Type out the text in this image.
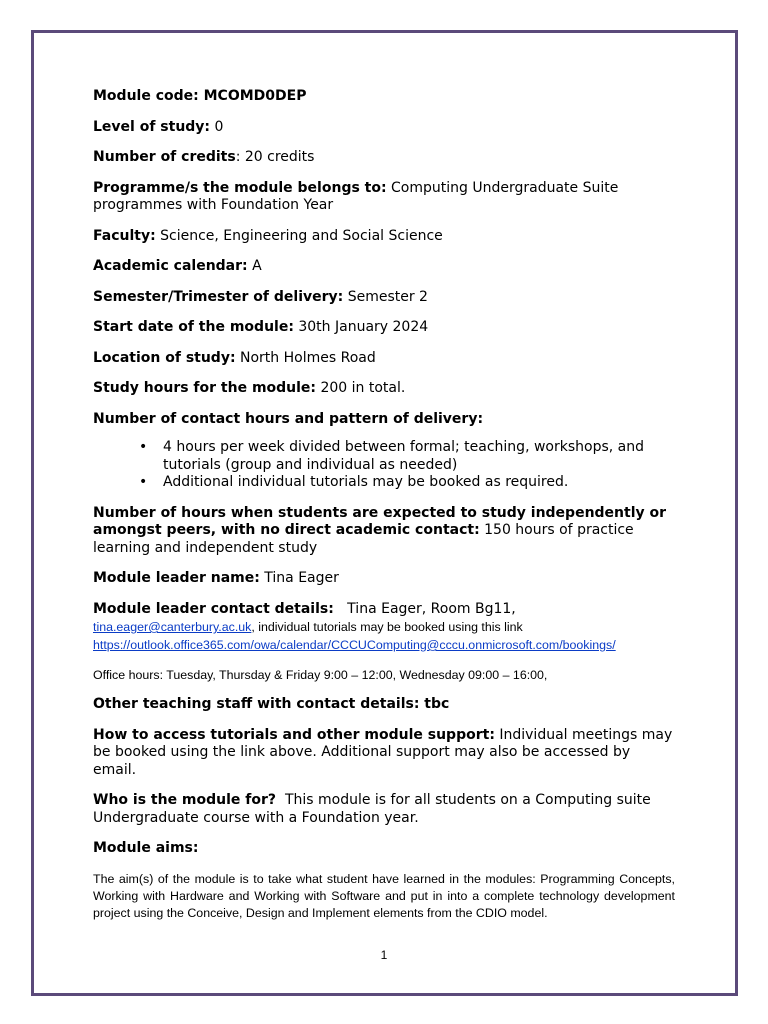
Module code: MCOMD0DEP

Level of study: 0

Number of credits: 20 credits

Programme/s the module belongs to: Computing Undergraduate Suite programmes with Foundation Year

Faculty: Science, Engineering and Social Science

Academic calendar: A

Semester/Trimester of delivery: Semester 2

Start date of the module: 30th January 2024

Location of study: North Holmes Road

Study hours for the module: 200 in total.

Number of contact hours and pattern of delivery:

• 4 hours per week divided between formal; teaching, workshops, and tutorials (group and individual as needed)
• Additional individual tutorials may be booked as required.

Number of hours when students are expected to study independently or amongst peers, with no direct academic contact: 150 hours of practice learning and independent study

Module leader name: Tina Eager

Module leader contact details:   Tina Eager, Room Bg11,

tina.eager@canterbury.ac.uk, individual tutorials may be booked using this link

https://outlook.office365.com/owa/calendar/CCCUComputing@cccu.onmicrosoft.com/bookings/

Office hours: Tuesday, Thursday & Friday 9:00 – 12:00, Wednesday 09:00 – 16:00,

Other teaching staff with contact details: tbc

How to access tutorials and other module support: Individual meetings may be booked using the link above. Additional support may also be accessed by email.

Who is the module for?  This module is for all students on a Computing suite Undergraduate course with a Foundation year.

Module aims:

The aim(s) of the module is to take what student have learned in the modules: Programming Concepts, Working with Hardware and Working with Software and put in into a complete technology development project using the Conceive, Design and Implement elements from the CDIO model.

1
